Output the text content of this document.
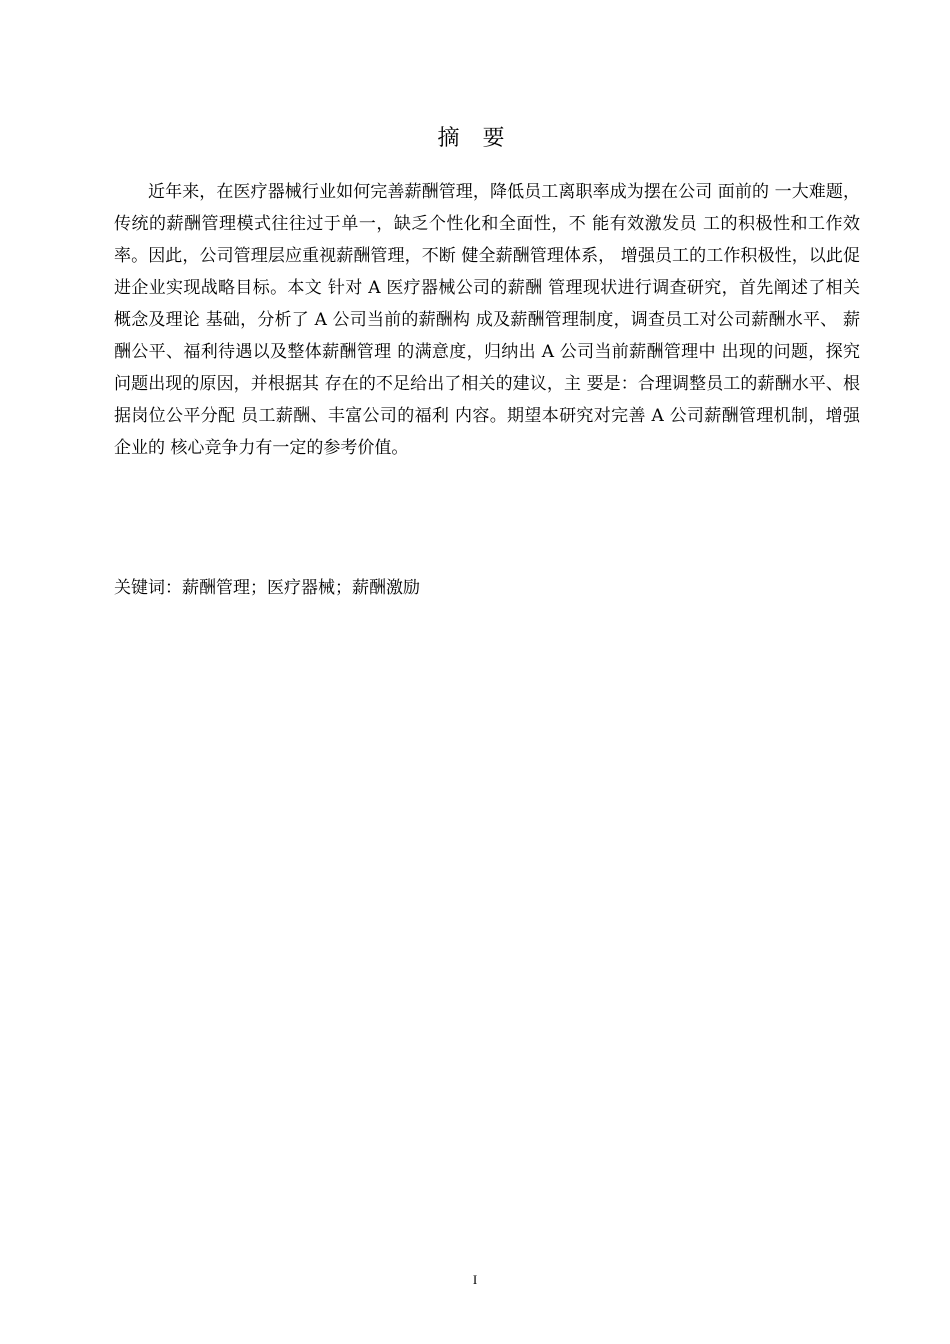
摘 要

近年来，在医疗器械行业如何完善薪酬管理，降低员工离职率成为摆在公司 面前的 一大难题，传统的薪酬管理模式往往过于单一，缺乏个性化和全面性，不 能有效激发员 工的积极性和工作效率。因此，公司管理层应重视薪酬管理，不断 健全薪酬管理体系， 增强员工的工作积极性，以此促进企业实现战略目标。本文 针对 A 医疗器械公司的薪酬 管理现状进行调查研究，首先阐述了相关概念及理论 基础，分析了 A 公司当前的薪酬构 成及薪酬管理制度，调查员工对公司薪酬水平、 薪酬公平、福利待遇以及整体薪酬管理 的满意度，归纳出 A 公司当前薪酬管理中 出现的问题，探究问题出现的原因，并根据其 存在的不足给出了相关的建议，主 要是：合理调整员工的薪酬水平、根据岗位公平分配 员工薪酬、丰富公司的福利 内容。期望本研究对完善 A 公司薪酬管理机制，增强企业的 核心竞争力有一定的参考价值。

关键词：薪酬管理；医疗器械；薪酬激励
I
